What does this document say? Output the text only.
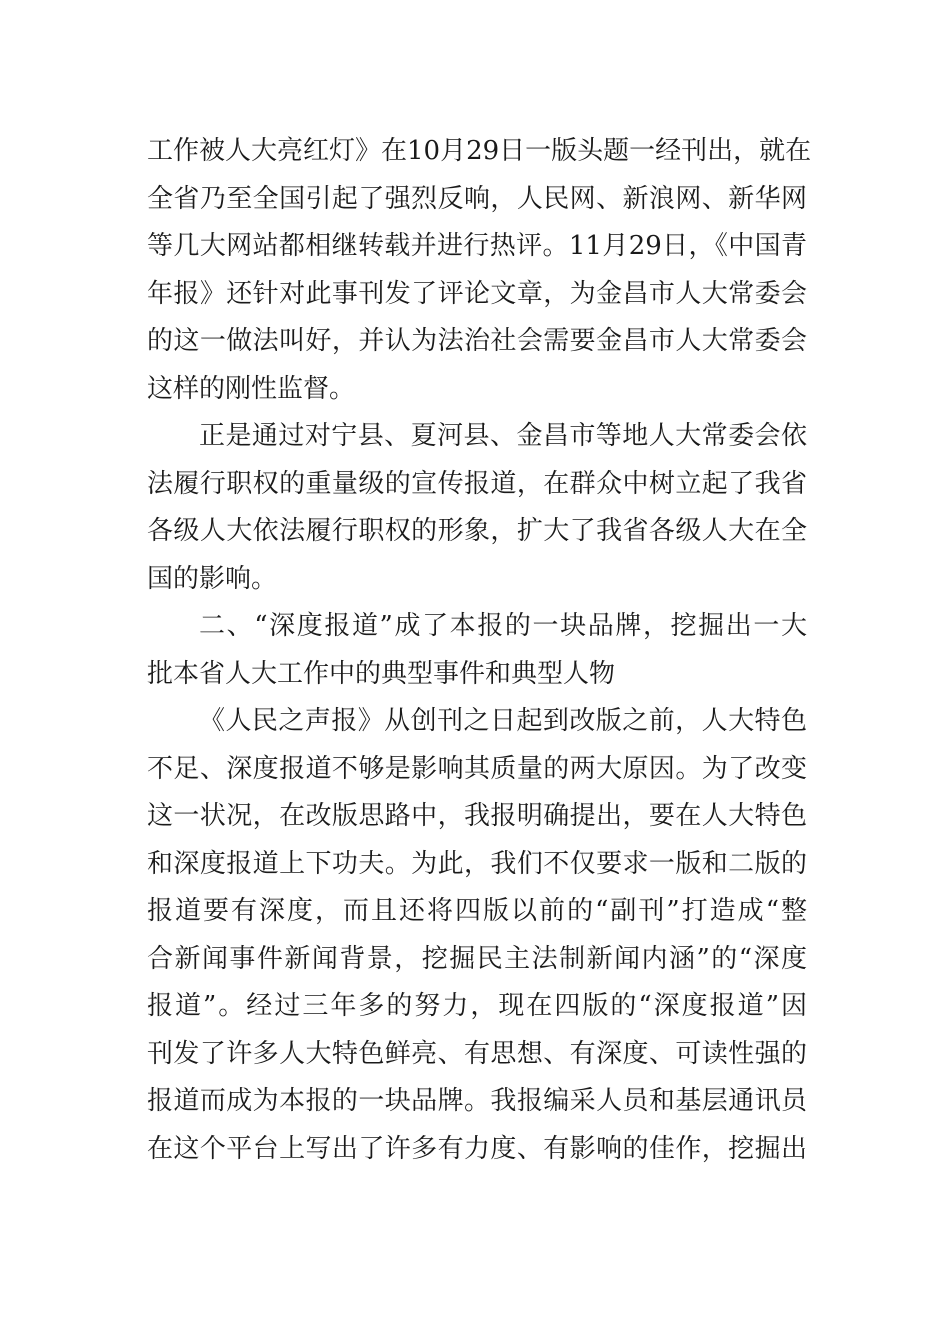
工作被人大亮红灯》在10月29日一版头题一经刊出，就在
全省乃至全国引起了强烈反响，人民网、新浪网、新华网
等几大网站都相继转载并进行热评。11月29日，《中国青
年报》还针对此事刊发了评论文章，为金昌市人大常委会
的这一做法叫好，并认为法治社会需要金昌市人大常委会
这样的刚性监督。
正是通过对宁县、夏河县、金昌市等地人大常委会依
法履行职权的重量级的宣传报道，在群众中树立起了我省
各级人大依法履行职权的形象，扩大了我省各级人大在全
国的影响。
二、“深度报道”成了本报的一块品牌，挖掘出一大
批本省人大工作中的典型事件和典型人物
《人民之声报》从创刊之日起到改版之前，人大特色
不足、深度报道不够是影响其质量的两大原因。为了改变
这一状况，在改版思路中，我报明确提出，要在人大特色
和深度报道上下功夫。为此，我们不仅要求一版和二版的
报道要有深度，而且还将四版以前的“副刊”打造成“整
合新闻事件新闻背景，挖掘民主法制新闻内涵”的“深度
报道”。经过三年多的努力，现在四版的“深度报道”因
刊发了许多人大特色鲜亮、有思想、有深度、可读性强的
报道而成为本报的一块品牌。我报编采人员和基层通讯员
在这个平台上写出了许多有力度、有影响的佳作，挖掘出
